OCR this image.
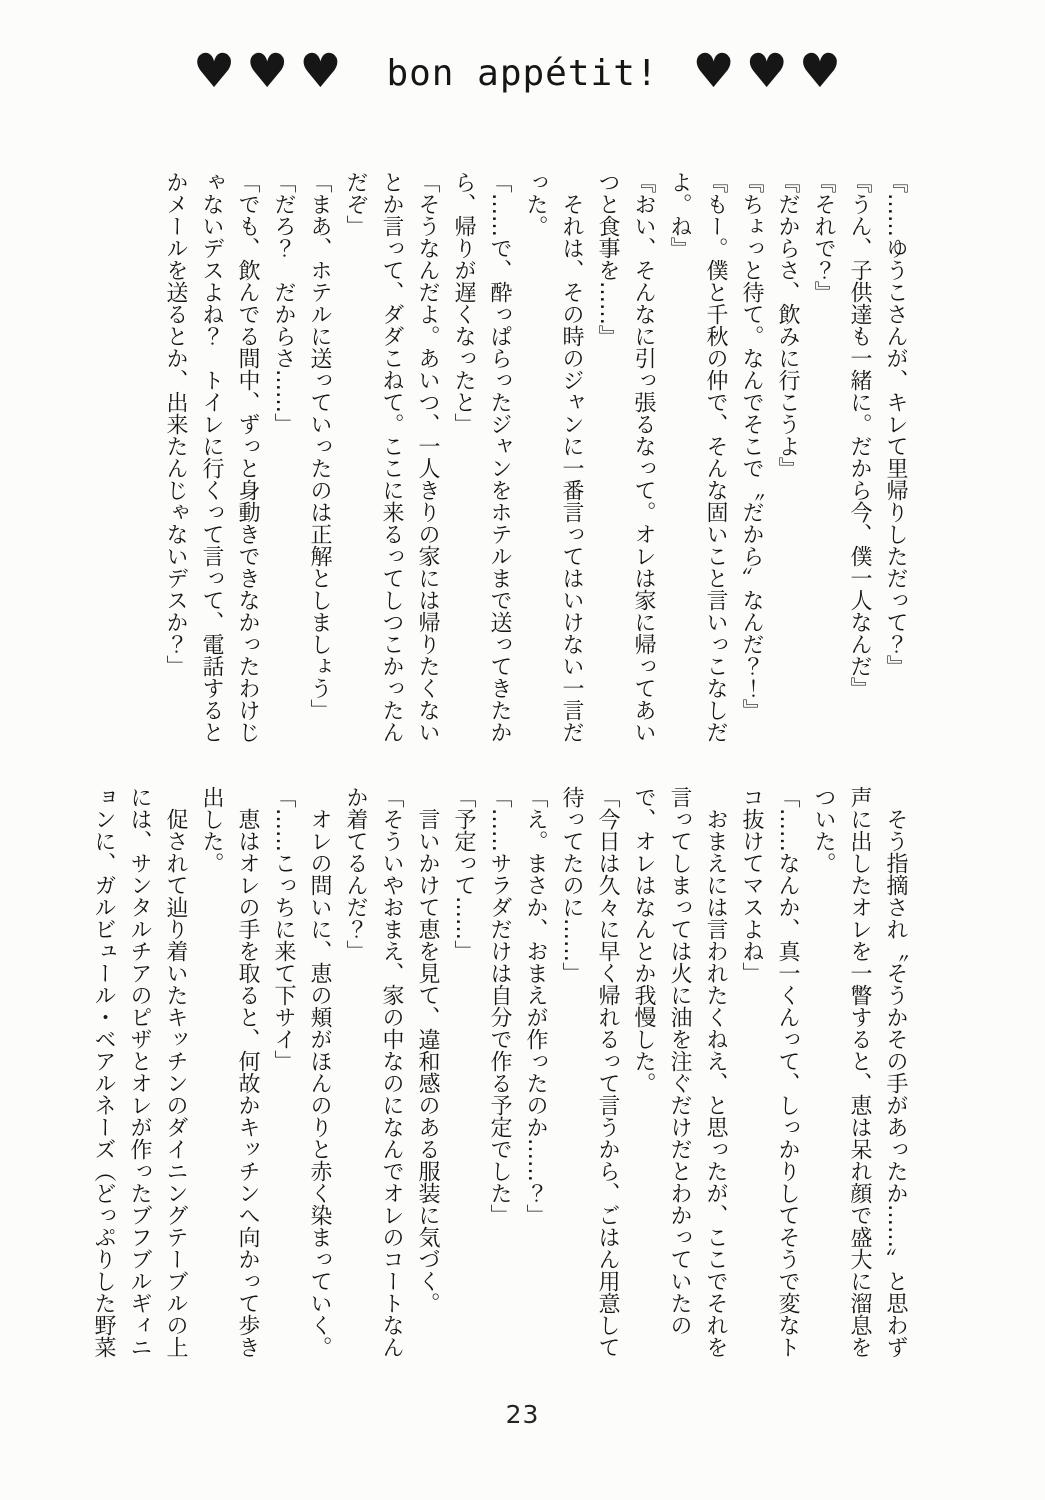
♥♥♥ bon appétit! ♥♥♥

『……ゆうこさんが、キレて里帰りしただって？』

『うん、子供達も一緒に。だから今、僕一人なんだ』

『それで？』

『だからさ、飲みに行こうよ』

『ちょっと待て。なんでそこで〝だから〟なんだ？！』

『もー。僕と千秋の仲で、そんな固いこと言いっこなしだよ。ね』

『おい、そんなに引っ張るなって。オレは家に帰ってあいつと食事を……』

それは、その時のジャンに一番言ってはいけない一言だった。

「……で、酔っぱらったジャンをホテルまで送ってきたから、帰りが遅くなったと」

「そうなんだよ。あいつ、一人きりの家には帰りたくないとか言って、ダダこねて。ここに来るってしつこかったんだぞ」

「まあ、ホテルに送っていったのは正解としましょう」

「だろ？　だからさ……」

「でも、飲んでる間中、ずっと身動きできなかったわけじゃないデスよね？　トイレに行くって言って、電話するとかメールを送るとか、出来たんじゃないデスか？」

そう指摘され〝そうかその手があったか……〟と思わず声に出したオレを一瞥すると、恵は呆れ顔で盛大に溜息をついた。

「……なんか、真一くんって、しっかりしてそうで変なトコ抜けてマスよね」

おまえには言われたくねえ、と思ったが、ここでそれを言ってしまっては火に油を注ぐだけだとわかっていたので、オレはなんとか我慢した。

「今日は久々に早く帰れるって言うから、ごはん用意して待ってたのに……」

「え。まさか、おまえが作ったのか……？」

「……サラダだけは自分で作る予定でした」

「予定って……」

言いかけて恵を見て、違和感のある服装に気づく。

「そういやおまえ、家の中なのになんでオレのコートなんか着てるんだ？」

オレの問いに、恵の頬がほんのりと赤く染まっていく。

「……こっちに来て下サイ」

恵はオレの手を取ると、何故かキッチンへ向かって歩き出した。

促されて辿り着いたキッチンのダイニングテーブルの上には、サンタルチアのピザとオレが作ったブフブルギィニョンに、ガルビュール・ベアルネーズ（どっぷりした野菜

23
